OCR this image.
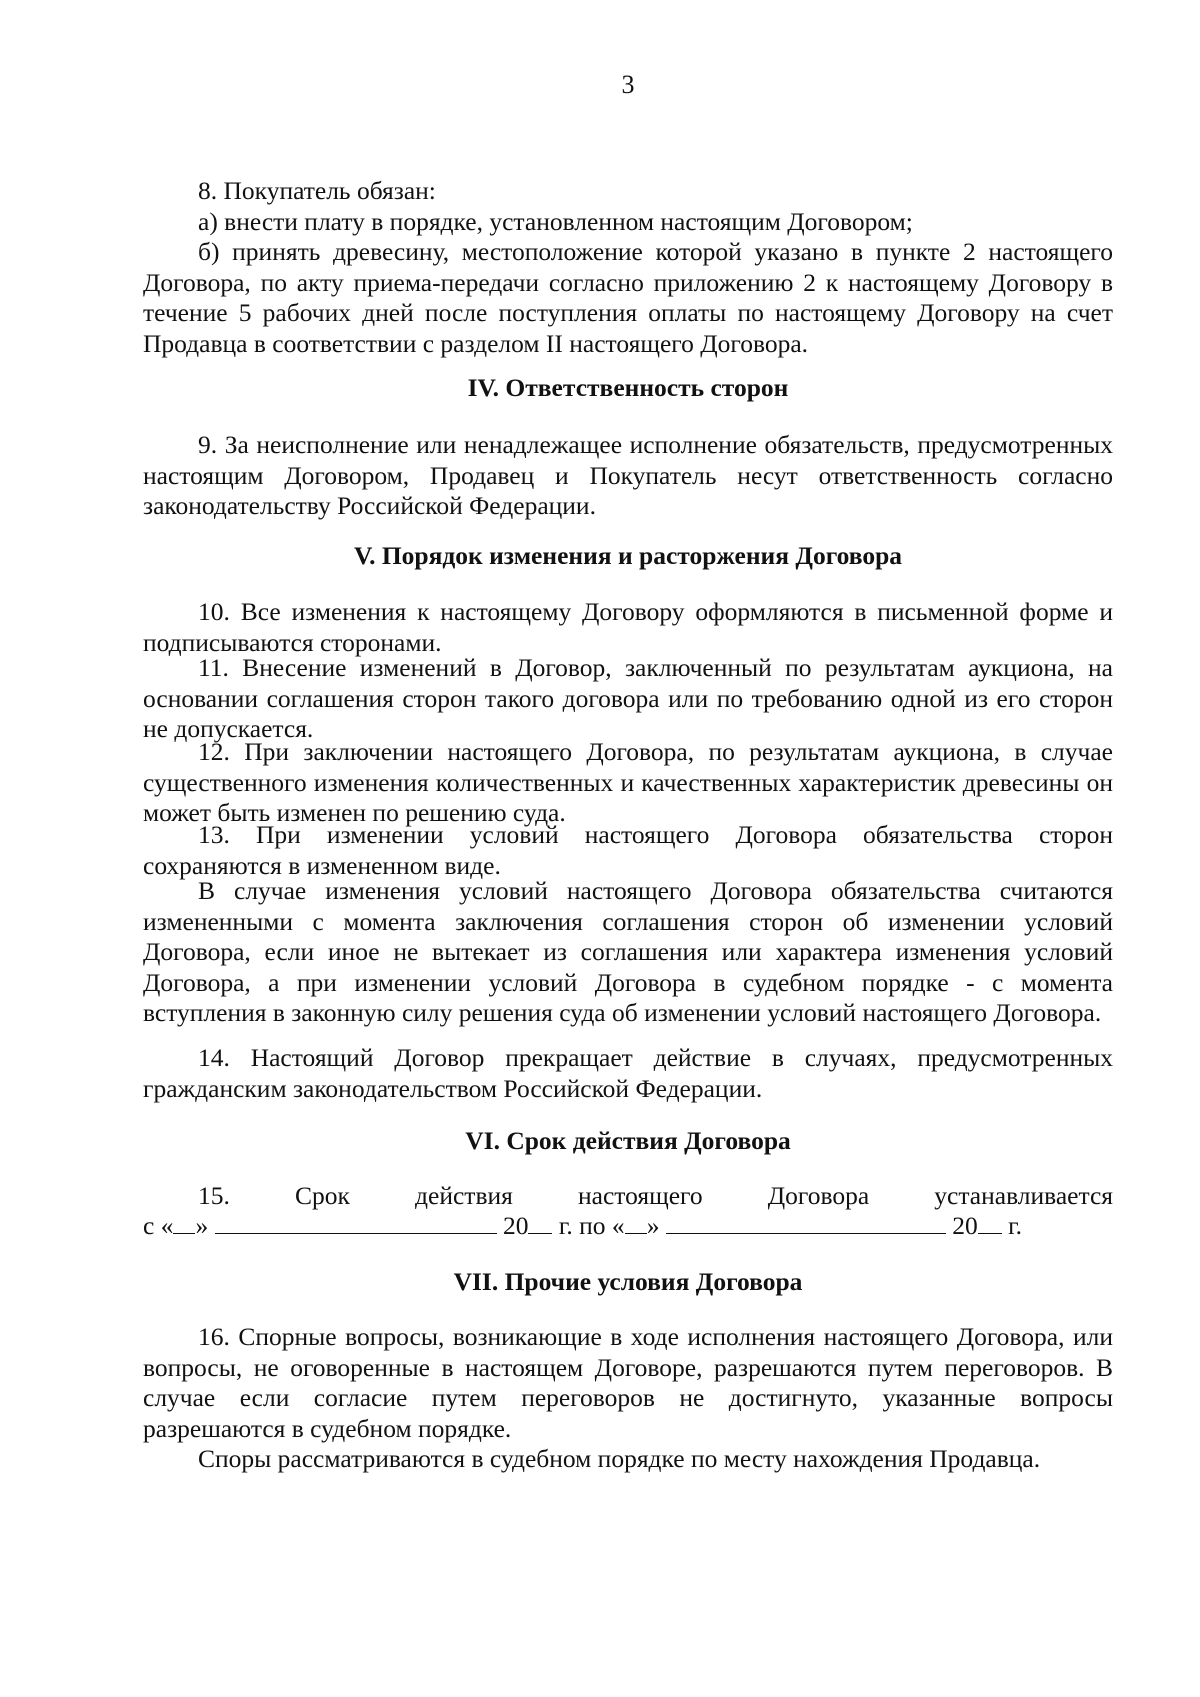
3

8. Покупатель обязан:

а) внести плату в порядке, установленном настоящим Договором;

б) принять древесину, местоположение которой указано в пункте 2 настоящего Договора, по акту приема-передачи согласно приложению 2 к настоящему Договору в течение 5 рабочих дней после поступления оплаты по настоящему Договору на счет Продавца в соответствии с разделом II настоящего Договора.

IV. Ответственность сторон

9. За неисполнение или ненадлежащее исполнение обязательств, предусмотренных настоящим Договором, Продавец и Покупатель несут ответственность согласно законодательству Российской Федерации.

V. Порядок изменения и расторжения Договора

10. Все изменения к настоящему Договору оформляются в письменной форме и подписываются сторонами.

11. Внесение изменений в Договор, заключенный по результатам аукциона, на основании соглашения сторон такого договора или по требованию одной из его сторон не допускается.

12. При заключении настоящего Договора, по результатам аукциона, в случае существенного изменения количественных и качественных характеристик древесины он может быть изменен по решению суда.

13. При изменении условий настоящего Договора обязательства сторон сохраняются в измененном виде.

В случае изменения условий настоящего Договора обязательства считаются измененными с момента заключения соглашения сторон об изменении условий Договора, если иное не вытекает из соглашения или характера изменения условий Договора, а при изменении условий Договора в судебном порядке - с момента вступления в законную силу решения суда об изменении условий настоящего Договора.

14. Настоящий Договор прекращает действие в случаях, предусмотренных гражданским законодательством Российской Федерации.

VI. Срок действия Договора

15. Срок действия настоящего Договора устанавливается

с « »	20 г. по « »	20 г.
VII. Прочие условия Договора

16. Спорные вопросы, возникающие в ходе исполнения настоящего Договора, или вопросы, не оговоренные в настоящем Договоре, разрешаются путем переговоров. В случае если согласие путем переговоров не достигнуто, указанные вопросы разрешаются в судебном порядке.

Споры рассматриваются в судебном порядке по месту нахождения Продавца.
